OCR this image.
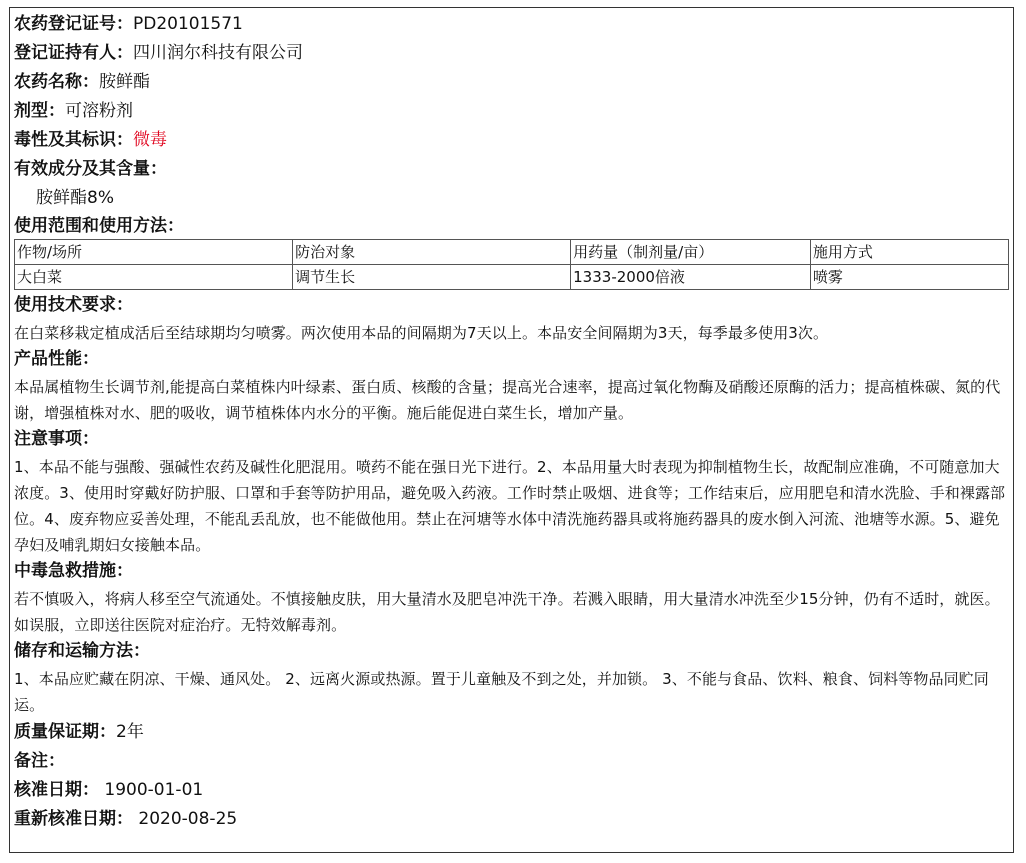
农药登记证号：PD20101571
登记证持有人：四川润尔科技有限公司
农药名称：胺鲜酯
剂型：可溶粉剂
毒性及其标识：微毒
有效成分及其含量：
胺鲜酯8%
使用范围和使用方法：
作物/场所	防治对象	用药量（制剂量/亩）	施用方式
大白菜	调节生长	1333-2000倍液	喷雾
使用技术要求：

在白菜移栽定植成活后至结球期均匀喷雾。两次使用本品的间隔期为7天以上。本品安全间隔期为3天，每季最多使用3次。

产品性能：

本品属植物生长调节剂,能提高白菜植株内叶绿素、蛋白质、核酸的含量；提高光合速率，提高过氧化物酶及硝酸还原酶的活力；提高植株碳、氮的代谢，增强植株对水、肥的吸收，调节植株体内水分的平衡。施后能促进白菜生长，增加产量。

注意事项：

1、本品不能与强酸、强碱性农药及碱性化肥混用。喷药不能在强日光下进行。2、本品用量大时表现为抑制植物生长，故配制应准确，不可随意加大浓度。3、使用时穿戴好防护服、口罩和手套等防护用品，避免吸入药液。工作时禁止吸烟、进食等；工作结束后，应用肥皂和清水洗脸、手和裸露部位。4、废弃物应妥善处理，不能乱丢乱放，也不能做他用。禁止在河塘等水体中清洗施药器具或将施药器具的废水倒入河流、池塘等水源。5、避免孕妇及哺乳期妇女接触本品。

中毒急救措施：

若不慎吸入，将病人移至空气流通处。不慎接触皮肤，用大量清水及肥皂冲洗干净。若溅入眼睛，用大量清水冲洗至少15分钟，仍有不适时，就医。如误服，立即送往医院对症治疗。无特效解毒剂。

储存和运输方法：

1、本品应贮藏在阴凉、干燥、通风处。 2、远离火源或热源。置于儿童触及不到之处，并加锁。 3、不能与食品、饮料、粮食、饲料等物品同贮同运。

质量保证期：2年
备注：
核准日期： 1900-01-01
重新核准日期： 2020-08-25
